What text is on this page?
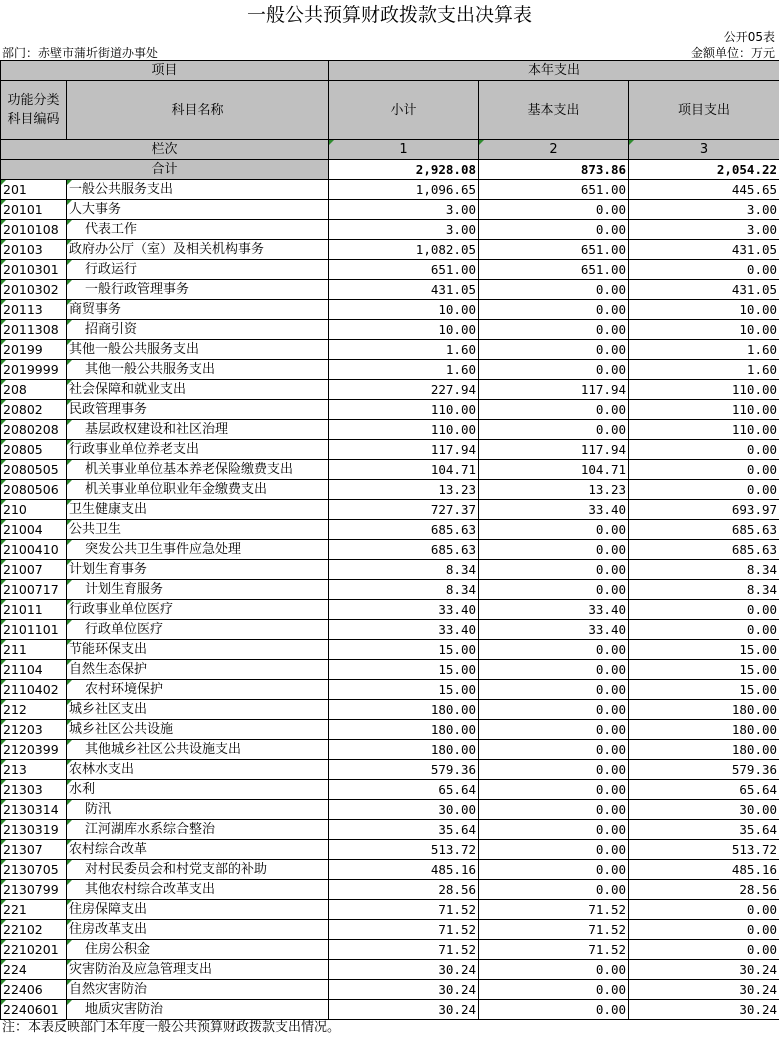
一般公共预算财政拨款支出决算表
公开05表
部门：赤壁市蒲圻街道办事处	金额单位：万元
项目		本年支出		
功能分类科目编码	科目名称	小计	基本支出	项目支出
栏次		1	2	3
合计		2,928.08	873.86	2,054.22
201	一般公共服务支出	1,096.65	651.00	445.65
20101	人大事务	3.00	0.00	3.00
2010108	代表工作	3.00	0.00	3.00
20103	政府办公厅（室）及相关机构事务	1,082.05	651.00	431.05
2010301	行政运行	651.00	651.00	0.00
2010302	一般行政管理事务	431.05	0.00	431.05
20113	商贸事务	10.00	0.00	10.00
2011308	招商引资	10.00	0.00	10.00
20199	其他一般公共服务支出	1.60	0.00	1.60
2019999	其他一般公共服务支出	1.60	0.00	1.60
208	社会保障和就业支出	227.94	117.94	110.00
20802	民政管理事务	110.00	0.00	110.00
2080208	基层政权建设和社区治理	110.00	0.00	110.00
20805	行政事业单位养老支出	117.94	117.94	0.00
2080505	机关事业单位基本养老保险缴费支出	104.71	104.71	0.00
2080506	机关事业单位职业年金缴费支出	13.23	13.23	0.00
210	卫生健康支出	727.37	33.40	693.97
21004	公共卫生	685.63	0.00	685.63
2100410	突发公共卫生事件应急处理	685.63	0.00	685.63
21007	计划生育事务	8.34	0.00	8.34
2100717	计划生育服务	8.34	0.00	8.34
21011	行政事业单位医疗	33.40	33.40	0.00
2101101	行政单位医疗	33.40	33.40	0.00
211	节能环保支出	15.00	0.00	15.00
21104	自然生态保护	15.00	0.00	15.00
2110402	农村环境保护	15.00	0.00	15.00
212	城乡社区支出	180.00	0.00	180.00
21203	城乡社区公共设施	180.00	0.00	180.00
2120399	其他城乡社区公共设施支出	180.00	0.00	180.00
213	农林水支出	579.36	0.00	579.36
21303	水利	65.64	0.00	65.64
2130314	防汛	30.00	0.00	30.00
2130319	江河湖库水系综合整治	35.64	0.00	35.64
21307	农村综合改革	513.72	0.00	513.72
2130705	对村民委员会和村党支部的补助	485.16	0.00	485.16
2130799	其他农村综合改革支出	28.56	0.00	28.56
221	住房保障支出	71.52	71.52	0.00
22102	住房改革支出	71.52	71.52	0.00
2210201	住房公积金	71.52	71.52	0.00
224	灾害防治及应急管理支出	30.24	0.00	30.24
22406	自然灾害防治	30.24	0.00	30.24
2240601	地质灾害防治	30.24	0.00	30.24
注：本表反映部门本年度一般公共预算财政拨款支出情况。
